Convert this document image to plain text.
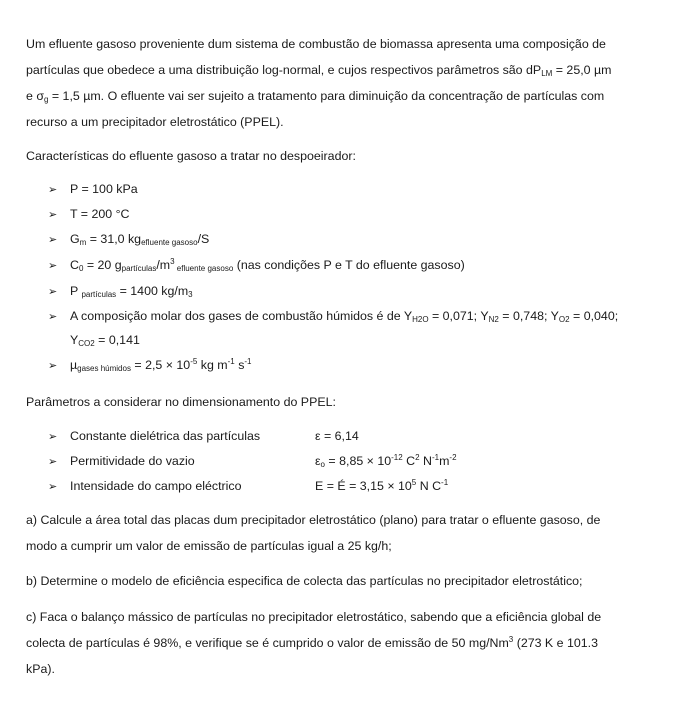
Um efluente gasoso proveniente dum sistema de combustão de biomassa apresenta uma composição de
partículas que obedece a uma distribuição log-normal, e cujos respectivos parâmetros são $dP_{LM} = 25,0$ µm
e $\sigma_g = 1,5$ µm. O efluente vai ser sujeito a tratamento para diminuição da concentração de partículas com
recurso a um precipitador eletrostático (PPEL).
Características do efluente gasoso a tratar no despoeirador:
➢ P = 100 kPa
➢ T = 200 °C
➢ $G_m = 31,0$ $kg_{efluente gasoso}/S$
➢ $C_0 = 20$ $g_{partículas}/m^3$ $_{efluente gasoso}$ (nas condições P e T do efluente gasoso)
➢ P $_{partículas}$ = 1400 $kg/m_3$
➢ A composição molar dos gases de combustão húmidos é de $Y_{H2O} = 0,071$; $Y_{N2} = 0,748$; $Y_{O2} = 0,040$;
$Y_{CO2} = 0,141$
➢ $\mu_{gases húmidos} = 2,5 \times 10^{-5}$ kg $m^{-1}$ $s^{-1}$
Parâmetros a considerar no dimensionamento do PPEL:
➢ Constante dielétrica das partículas	ε = 6,14
➢ Permitividade do vazio	$\varepsilon_o = 8,85 \times 10^{-12}$ $C^2$ $N^{-1}m^{-2}$
➢ Intensidade do campo eléctrico	E = É = $3,15 \times 10^5$ N $C^{-1}$
a) Calcule a área total das placas dum precipitador eletrostático (plano) para tratar o efluente gasoso, de
modo a cumprir um valor de emissão de partículas igual a 25 kg/h;
b) Determine o modelo de eficiência especifica de colecta das partículas no precipitador eletrostático;
c) Faca o balanço mássico de partículas no precipitador eletrostático, sabendo que a eficiência global de
colecta de partículas é 98%, e verifique se é cumprido o valor de emissão de 50 mg/Nm$^3$ (273 K e 101.3
kPa).
